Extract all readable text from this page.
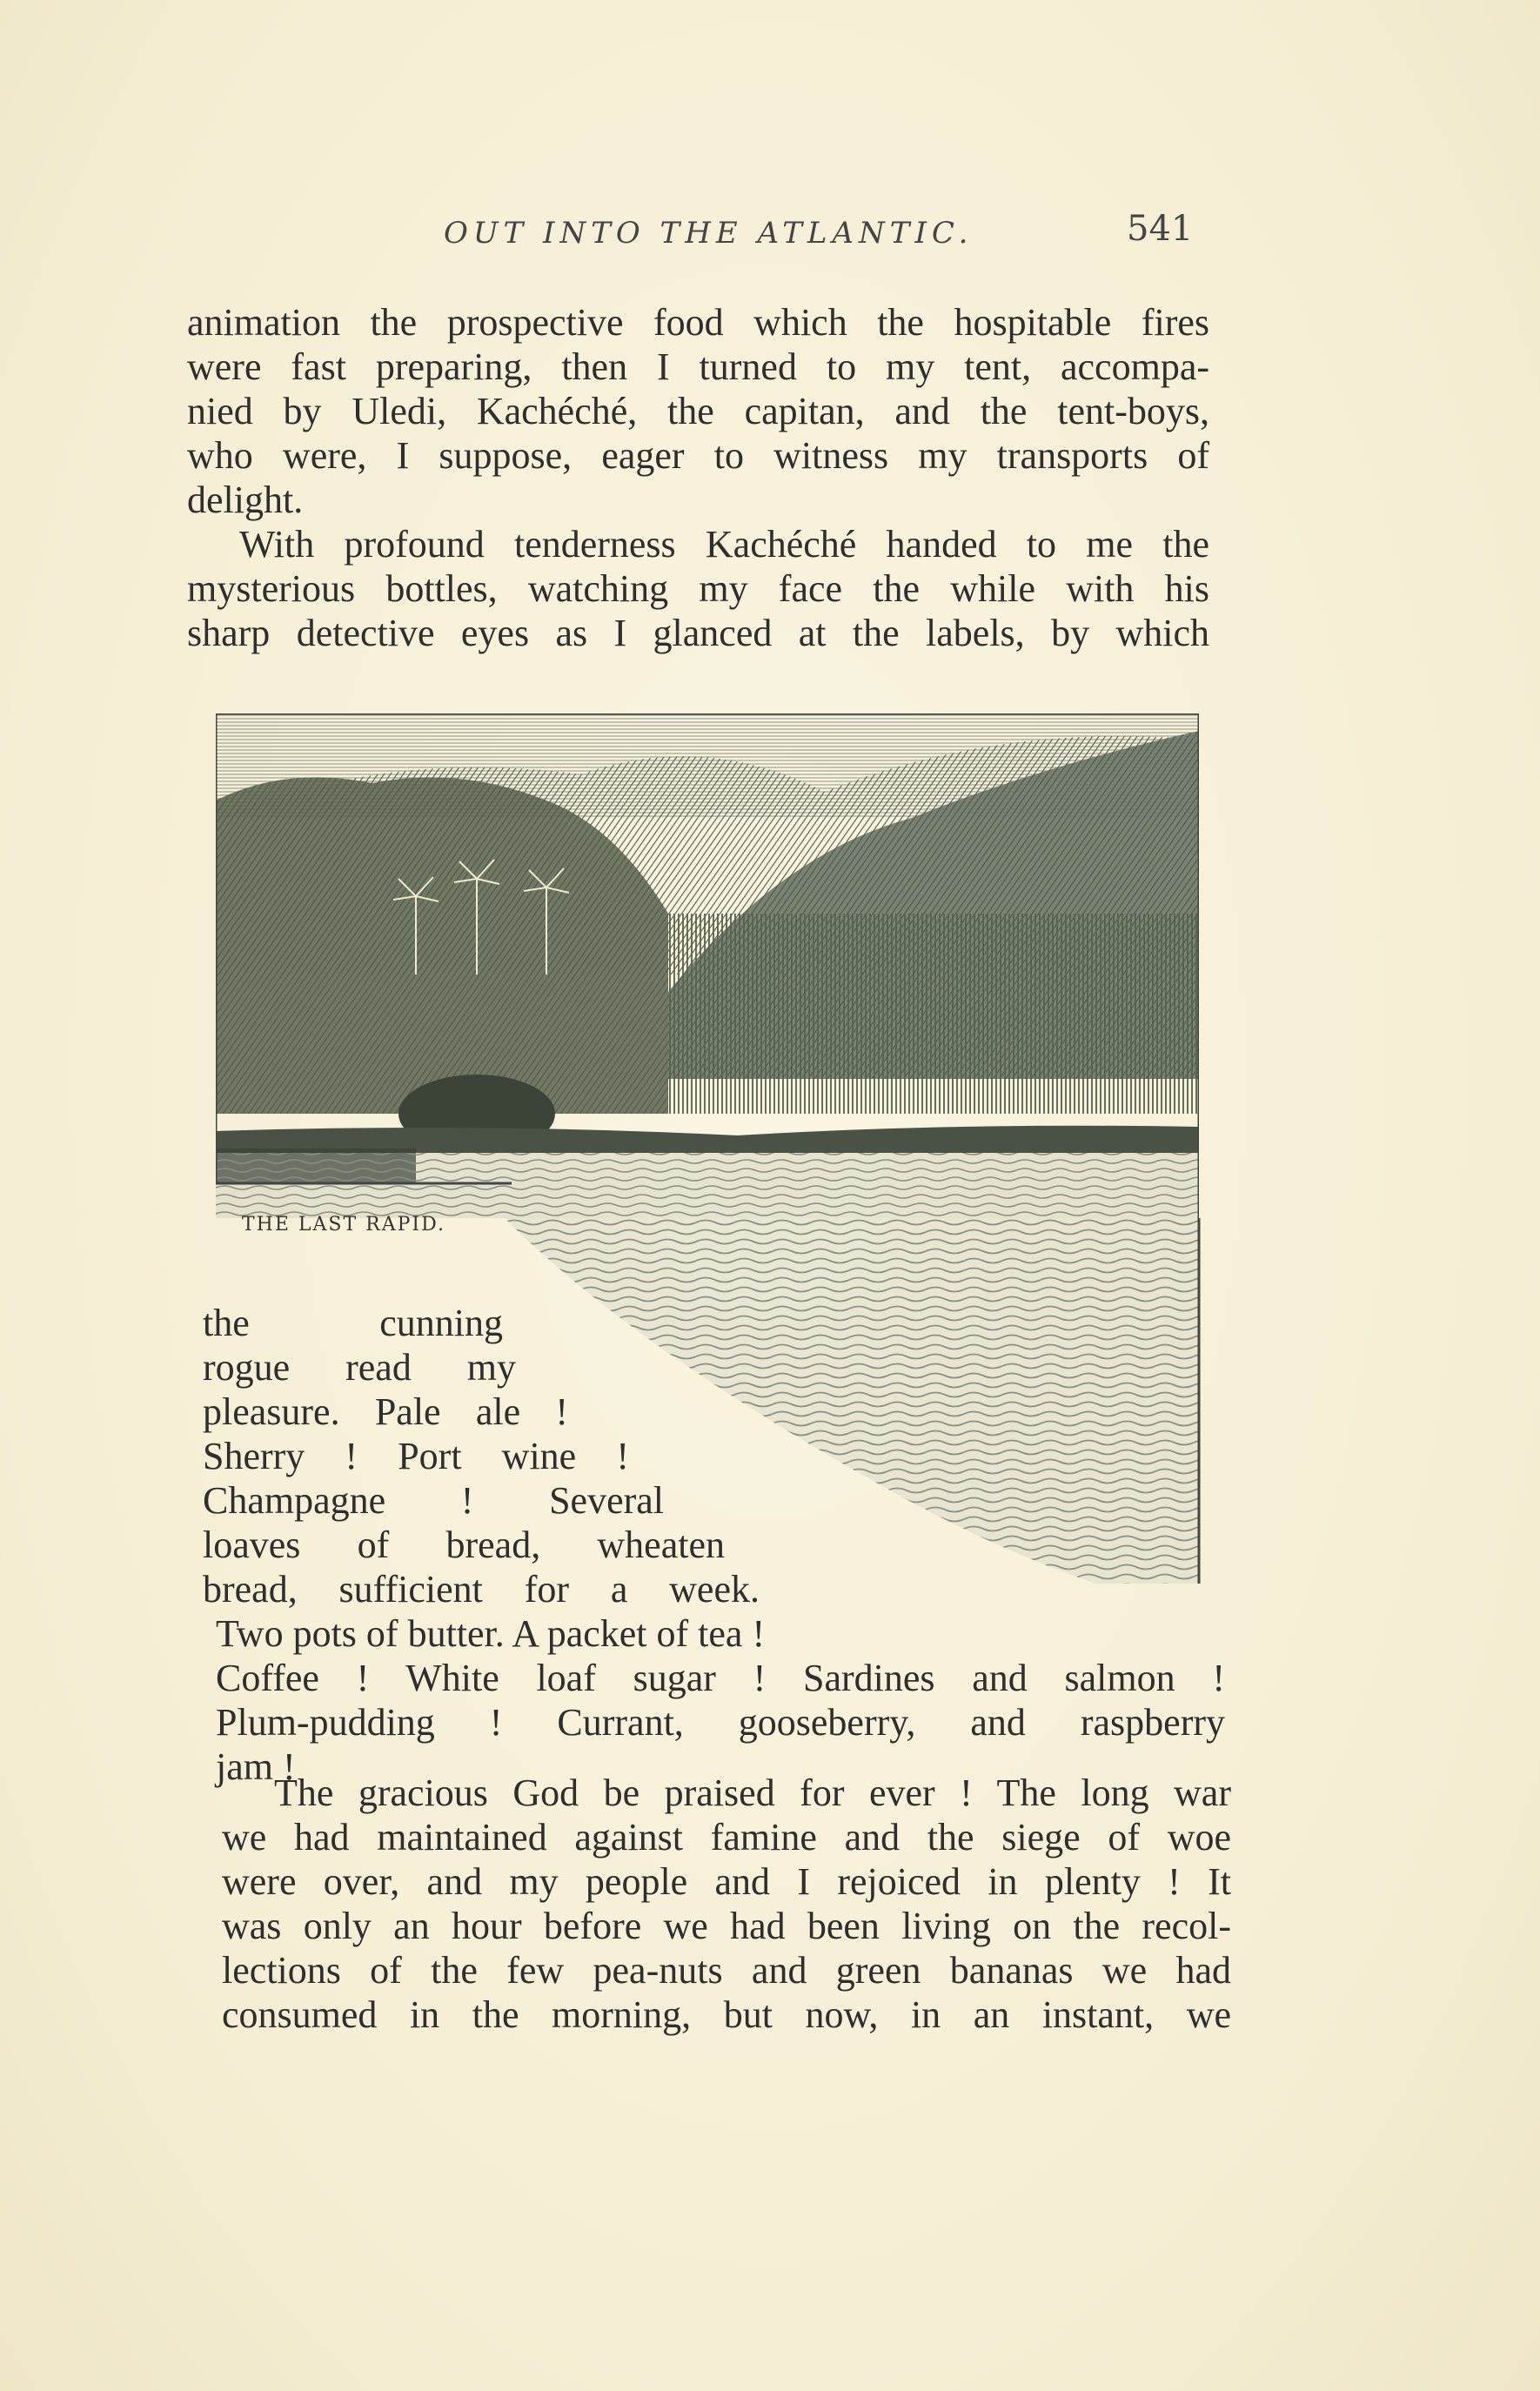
OUT INTO THE ATLANTIC.	541
animation the prospective food which the hospitable fires
were fast preparing, then I turned to my tent, accompa-
nied by Uledi, Kachéché, the capitan, and the tent-boys,
who were, I suppose, eager to witness my transports of
delight.
With profound tenderness Kachéché handed to me the
mysterious bottles, watching my face the while with his
sharp detective eyes as I glanced at the labels, by which
THE LAST RAPID.
the cunning
rogue read my
pleasure. Pale ale !
Sherry ! Port wine !
Champagne ! Several
loaves of bread, wheaten
bread, sufficient for a week.
Two pots of butter. A packet of tea !
Coffee ! White loaf sugar ! Sardines and salmon !
Plum-pudding ! Currant, gooseberry, and raspberry
jam !
The gracious God be praised for ever ! The long war
we had maintained against famine and the siege of woe
were over, and my people and I rejoiced in plenty ! It
was only an hour before we had been living on the recol-
lections of the few pea-nuts and green bananas we had
consumed in the morning, but now, in an instant, we
